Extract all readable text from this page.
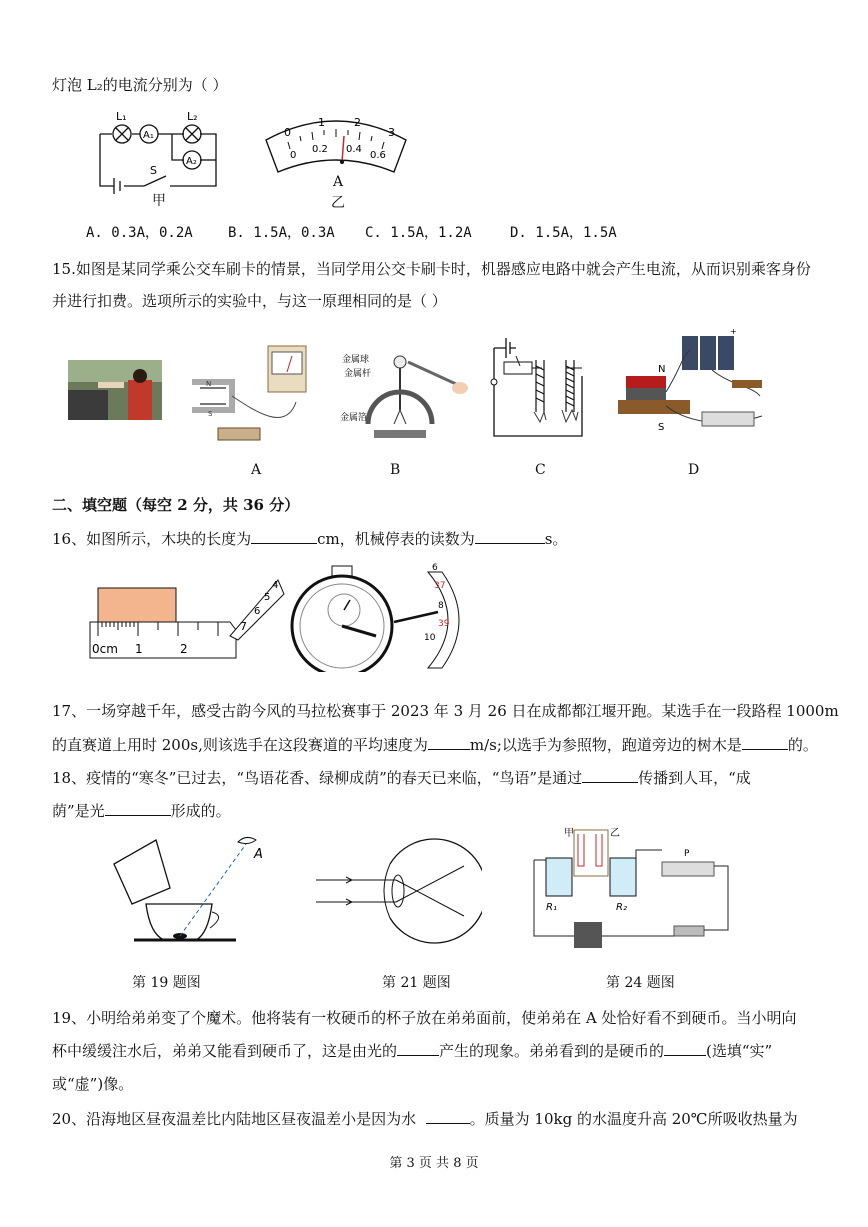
灯泡 L₂的电流分别为（ ）
L₁	L₂
A₁
A₂
S
甲
0
1	2
3
0
0.2 0.4
0.6
A
乙
A. 0.3A，0.2A	B. 1.5A，0.3A C. 1.5A，1.2A	D. 1.5A，1.5A
15.如图是某同学乘公交车刷卡的情景，当同学用公交卡刷卡时，机器感应电路中就会产生电流，从而识别乘客身份
并进行扣费。选项所示的实验中，与这一原理相同的是（ ）
N
S
A
金属球
金属杆
金属箔
B	C
+
N
S
D
二、填空题（每空 2 分，共 36 分）
16、如图所示，木块的长度为	cm，机械停表的读数为	s。
0cm 1	2
7
6
5
4
6
37
8
39
10
17、一场穿越千年，感受古韵今风的马拉松赛事于 2023 年 3 月 26 日在成都都江堰开跑。某选手在一段路程 1000m
的直赛道上用时 200s,则该选手在这段赛道的平均速度为	m/s;以选手为参照物，跑道旁边的树木是	的。
18、疫情的“寒冬”已过去，“鸟语花香、绿柳成荫”的春天已来临，“鸟语”是通过	传播到人耳，“成
荫”是光	形成的。
A
第 19 题图	第 21 题图
甲	乙
R₁	R₂
P
第 24 题图
19、小明给弟弟变了个魔术。他将装有一枚硬币的杯子放在弟弟面前，使弟弟在 A 处恰好看不到硬币。当小明向
杯中缓缓注水后，弟弟又能看到硬币了，这是由光的	产生的现象。弟弟看到的是硬币的	(选填“实”
或“虚”)像。
20、沿海地区昼夜温差比内陆地区昼夜温差小是因为水	。质量为 10kg 的水温度升高 20℃所吸收热量为
第 3 页 共 8 页
